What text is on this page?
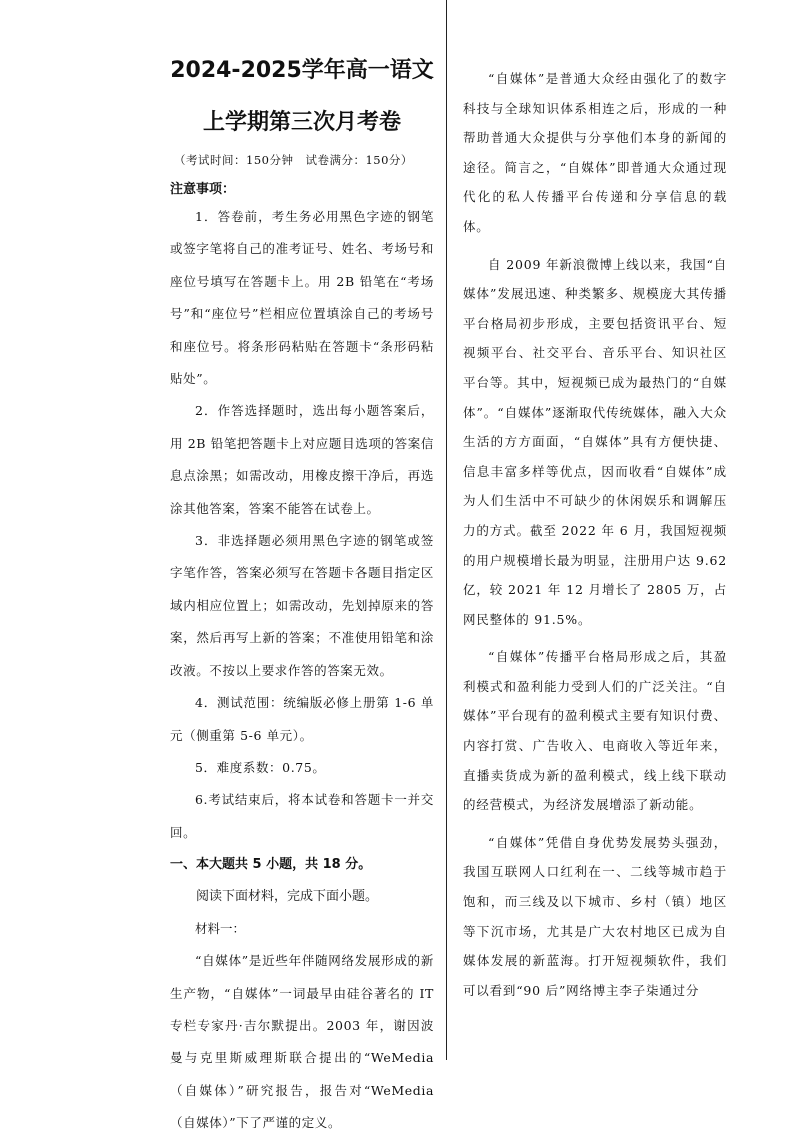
2024-2025学年高一语文
上学期第三次月考卷
（考试时间：150分钟　试卷满分：150分）
注意事项：

1．答卷前，考生务必用黑色字迹的钢笔或签字笔将自己的准考证号、姓名、考场号和座位号填写在答题卡上。用 2B 铅笔在“考场号”和“座位号”栏相应位置填涂自己的考场号和座位号。将条形码粘贴在答题卡“条形码粘贴处”。

2．作答选择题时，选出每小题答案后，用 2B 铅笔把答题卡上对应题目选项的答案信息点涂黑；如需改动，用橡皮擦干净后，再选涂其他答案，答案不能答在试卷上。

3．非选择题必须用黑色字迹的钢笔或签字笔作答，答案必须写在答题卡各题目指定区域内相应位置上；如需改动，先划掉原来的答案，然后再写上新的答案；不准使用铅笔和涂改液。不按以上要求作答的答案无效。

4．测试范围：统编版必修上册第 1-6 单元（侧重第 5-6 单元）。

5．难度系数：0.75。

6.考试结束后，将本试卷和答题卡一并交回。

一、本大题共 5 小题，共 18 分。
阅读下面材料，完成下面小题。
材料一：

“自媒体”是近些年伴随网络发展形成的新生产物，“自媒体”一词最早由硅谷著名的 IT 专栏专家丹·吉尔默提出。2003 年，谢因波曼与克里斯威理斯联合提出的“WeMedia（自媒体）”研究报告，报告对“WeMedia（自媒体）”下了严谨的定义。

“自媒体”是普通大众经由强化了的数字科技与全球知识体系相连之后，形成的一种帮助普通大众提供与分享他们本身的新闻的途径。简言之，“自媒体”即普通大众通过现代化的私人传播平台传递和分享信息的载体。

自 2009 年新浪微博上线以来，我国“自媒体”发展迅速、种类繁多、规模庞大其传播平台格局初步形成，主要包括资讯平台、短视频平台、社交平台、音乐平台、知识社区平台等。其中，短视频已成为最热门的“自媒体”。“自媒体”逐渐取代传统媒体，融入大众生活的方方面面，“自媒体”具有方便快捷、信息丰富多样等优点，因而收看“自媒体”成为人们生活中不可缺少的休闲娱乐和调解压力的方式。截至 2022 年 6 月，我国短视频的用户规模增长最为明显，注册用户达 9.62 亿，较 2021 年 12 月增长了 2805 万，占网民整体的 91.5%。

“自媒体”传播平台格局形成之后，其盈利模式和盈利能力受到人们的广泛关注。“自媒体”平台现有的盈利模式主要有知识付费、内容打赏、广告收入、电商收入等近年来，直播卖货成为新的盈利模式，线上线下联动的经营模式，为经济发展增添了新动能。

“自媒体”凭借自身优势发展势头强劲，我国互联网人口红利在一、二线等城市趋于饱和，而三线及以下城市、乡村（镇）地区等下沉市场，尤其是广大农村地区已成为自媒体发展的新蓝海。打开短视频软件，我们可以看到“90 后”网络博主李子柒通过分
